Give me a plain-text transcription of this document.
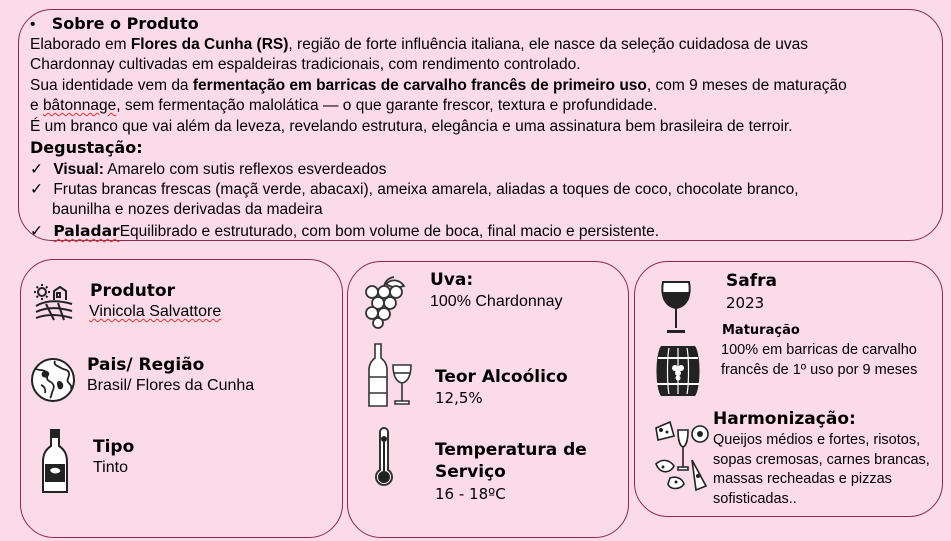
• Sobre o Produto
Elaborado em Flores da Cunha (RS), região de forte influência italiana, ele nasce da seleção cuidadosa de uvas
Chardonnay cultivadas em espaldeiras tradicionais, com rendimento controlado.
Sua identidade vem da fermentação em barricas de carvalho francês de primeiro uso, com 9 meses de maturação
e bâtonnage, sem fermentação malolática — o que garante frescor, textura e profundidade.
É um branco que vai além da leveza, revelando estrutura, elegância e uma assinatura bem brasileira de terroir.
Degustação:
✓ Visual: Amarelo com sutis reflexos esverdeados
✓ Frutas brancas frescas (maçã verde, abacaxi), ameixa amarela, aliadas a toques de coco, chocolate branco,
baunilha e nozes derivadas da madeira
✓ PaladarEquilibrado e estruturado, com bom volume de boca, final macio e persistente.
Produtor
Vinicola Salvattore
Pais/ Região
Brasil/ Flores da Cunha
Tipo
Tinto
Uva:
100% Chardonnay
Teor Alcoólico
12,5%
Temperatura de
Serviço
16 - 18ºC
Safra
2023
Maturação
100% em barricas de carvalho francês de 1º uso por 9 meses
Harmonização:
Queijos médios e fortes, risotos, sopas cremosas, carnes brancas, massas recheadas e pizzas sofisticadas..
